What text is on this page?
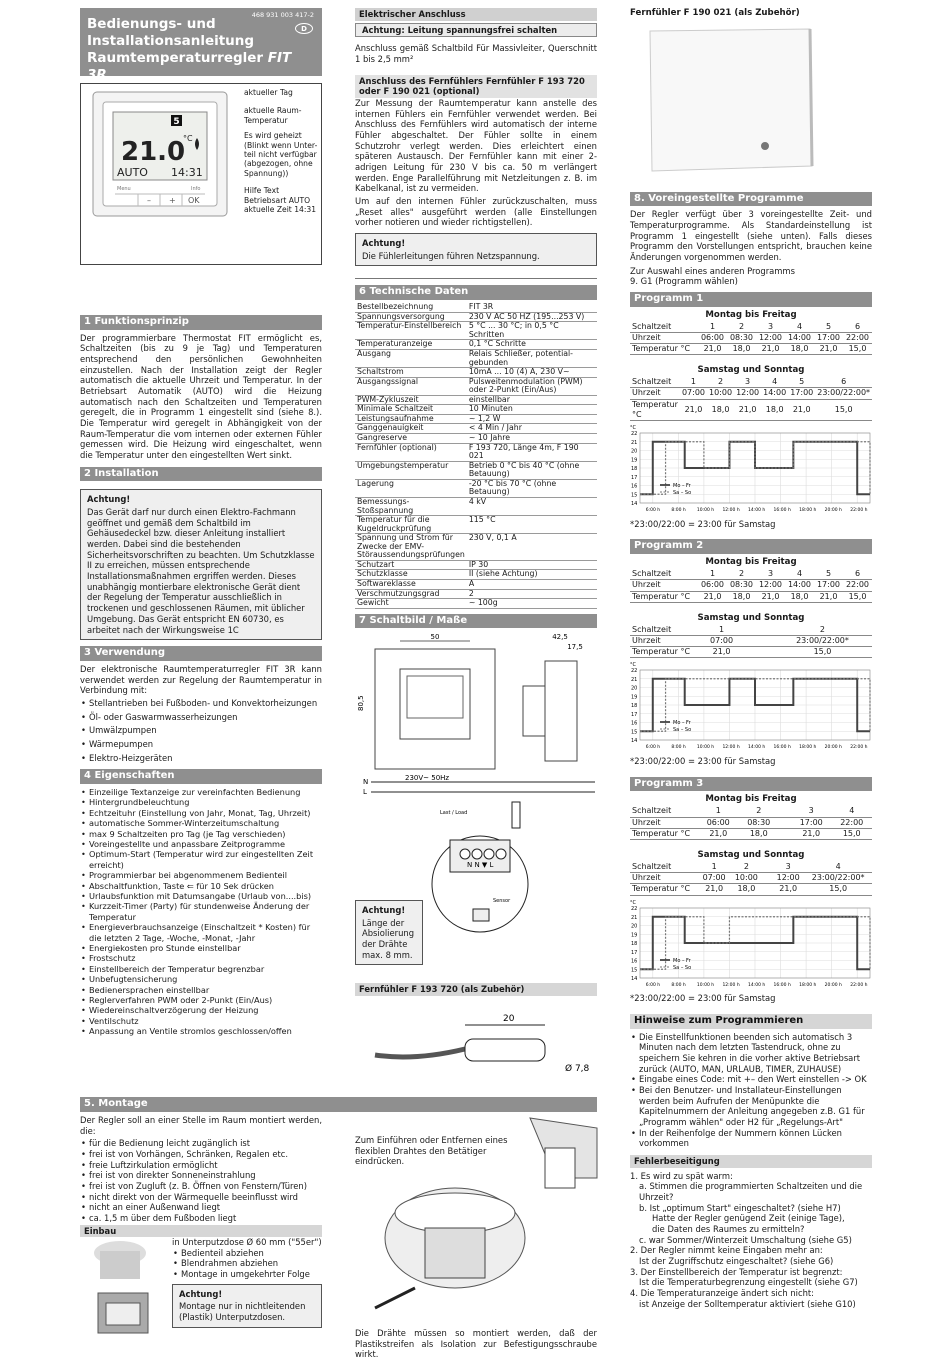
468 931 003 417-2
D
Bedienungs- und Installationsanleitung Raumtemperaturregler FIT 3R
5
21.0
°C
AUTO 14:31
Menu	Info
– + OK
aktueller Tag
aktuelle Raum-Temperatur
Es wird geheizt (Blinkt wenn Unter-teil nicht verfügbar (abgezogen, ohne Spannung))
Hilfe Text Betriebsart AUTO aktuelle Zeit 14:31
1 Funktionsprinzip

Der programmierbare Thermostat FIT ermöglicht es, Schaltzeiten (bis zu 9 je Tag) und Temperaturen entsprechend den persönlichen Gewohnheiten einzustellen. Nach der Installation zeigt der Regler automatisch die aktuelle Uhrzeit und Temperatur. In der Betriebsart Automatik (AUTO) wird die Heizung automatisch nach den Schaltzeiten und Temperaturen geregelt, die in Programm 1 eingestellt sind (siehe 8.). Die Temperatur wird geregelt in Abhängigkeit von der Raum-Temperatur die vom internen oder externen Fühler gemessen wird. Die Heizung wird eingeschaltet, wenn die Temperatur unter den eingestellten Wert sinkt.

2 Installation
Achtung!
Das Gerät darf nur durch einen Elektro-Fachmann geöffnet und gemäß dem Schaltbild im Gehäusedeckel bzw. dieser Anleitung installiert werden. Dabei sind die bestehenden Sicherheitsvorschriften zu beachten. Um Schutzklasse II zu erreichen, müssen entsprechende Installationsmaßnahmen ergriffen werden. Dieses unabhängig montierbare elektronische Gerät dient der Regelung der Temperatur ausschließlich in trockenen und geschlossenen Räumen, mit üblicher Umgebung. Das Gerät entspricht EN 60730, es arbeitet nach der Wirkungsweise 1C
3 Verwendung

Der elektronische Raumtemperaturregler FIT 3R kann verwendet werden zur Regelung der Raumtemperatur in Verbindung mit:

• Stellantrieben bei Fußboden- und Konvektorheizungen
• Öl- oder Gaswarmwasserheizungen
• Umwälzpumpen
• Wärmepumpen
• Elektro-Heizgeräten
4 Eigenschaften
• Einzeilige Textanzeige zur vereinfachten Bedienung
• Hintergrundbeleuchtung
• Echtzeituhr (Einstellung von Jahr, Monat, Tag, Uhrzeit)
• automatische Sommer-Winterzeitumschaltung
• max 9 Schaltzeiten pro Tag (je Tag verschieden)
• Voreingestellte und anpassbare Zeitprogramme
• Optimum-Start (Temperatur wird zur eingestellten Zeit erreicht)
• Programmierbar bei abgenommenem Bedienteil
• Abschaltfunktion, Taste ⇐ für 10 Sek drücken
• Urlaubsfunktion mit Datumsangabe (Urlaub von....bis)
• Kurzzeit-Timer (Party) für stundenweise Änderung der Temperatur
• Energieverbrauchsanzeige (Einschaltzeit * Kosten) für die letzten 2 Tage, -Woche, -Monat, -Jahr
• Energiekosten pro Stunde einstellbar
• Frostschutz
• Einstellbereich der Temperatur begrenzbar
• Unbefugtensicherung
• Bedienersprachen einstellbar
• Reglerverfahren PWM oder 2-Punkt (Ein/Aus)
• Wiedereinschaltverzögerung der Heizung
• Ventilschutz
• Anpassung an Ventile stromlos geschlossen/offen
5. Montage

Der Regler soll an einer Stelle im Raum montiert werden, die:

• für die Bedienung leicht zugänglich ist
• frei ist von Vorhängen, Schränken, Regalen etc.
• freie Luftzirkulation ermöglicht
• frei ist von direkter Sonneneinstrahlung
• frei ist von Zugluft (z. B. Öffnen von Fenstern/Türen)
• nicht direkt von der Wärmequelle beeinflusst wird
• nicht an einer Außenwand liegt
• ca. 1,5 m über dem Fußboden liegt
Einbau
in Unterputzdose Ø 60 mm ("55er")
• Bedienteil abziehen
• Blendrahmen abziehen
• Montage in umgekehrter Folge
Achtung!
Montage nur in nichtleitenden (Plastik) Unterputzdosen.
Zum Einführen oder Entfernen eines flexiblen Drahtes den Betätiger eindrücken.

Die Drähte müssen so montiert werden, daß der Plastikstreifen als Isolation zur Befestigungsschraube wirkt.

Elektrischer Anschluss
Achtung: Leitung spannungsfrei schalten

Anschluss gemäß Schaltbild Für Massivleiter, Querschnitt 1 bis 2,5 mm²

Anschluss des Fernfühlers Fernfühler F 193 720 oder F 190 021 (optional)

Zur Messung der Raumtemperatur kann anstelle des internen Fühlers ein Fernfühler verwendet werden. Bei Anschluss des Fernfühlers wird automatisch der interne Fühler abgeschaltet. Der Fühler sollte in einem Schutzrohr verlegt werden. Dies erleichtert einen späteren Austausch. Der Fernfühler kann mit einer 2-adrigen Leitung für 230 V bis ca. 50 m verlängert werden. Enge Parallelführung mit Netzleitungen z. B. im Kabelkanal, ist zu vermeiden.

Um auf den internen Fühler zurückzuschalten, muss „Reset alles" ausgeführt werden (alle Einstellungen vorher notieren und wieder richtigstellen).

Achtung!
Die Fühlerleitungen führen Netzspannung.
6 Technische Daten
Bestellbezeichnung	FIT 3R
Spannungsversorgung	230 V AC 50 HZ (195...253 V)
Temperatur-Einstellbereich	5 °C ... 30 °C; in 0,5 °C Schritten
Temperaturanzeige	0,1 °C Schritte
Ausgang	Relais Schließer, potential-gebunden
Schaltstrom	10mA ... 10 (4) A, 230 V~
Ausgangssignal	Pulsweitenmodulation (PWM) oder 2-Punkt (Ein/Aus)
PWM-Zykluszeit	einstellbar
Minimale Schaltzeit	10 Minuten
Leistungsaufnahme	~ 1,2 W
Ganggenauigkeit	< 4 Min / Jahr
Gangreserve	~ 10 Jahre
Fernfühler (optional)	F 193 720, Länge 4m, F 190 021
Umgebungstemperatur	Betrieb 0 °C bis 40 °C (ohne Betauung)
Lagerung	-20 °C bis 70 °C (ohne Betauung)
Bemessungs-Stoßspannung	4 kV
Temperatur für die Kugeldruckprüfung	115 °C
Spannung und Strom für Zwecke der EMV-Störaussendungsprüfungen	230 V, 0,1 A
Schutzart	IP 30
Schutzklasse	II (siehe Achtung)
Softwareklasse	A
Verschmutzungsgrad	2
Gewicht	~ 100g
7 Schaltbild / Maße
50	42,5
17,5
80,5

N
L
230V~ 50Hz
Last / Load
N N ▼ L
Sensor
Achtung!
Länge der Absiolierung der Drähte max. 8 mm.
Fernfühler F 193 720 (als Zubehör)
20
Ø 7,8
Fernfühler F 190 021 (als Zubehör)
8. Voreingestellte Programme

Der Regler verfügt über 3 voreingestellte Zeit- und Temperaturprogramme. Als Standardeinstellung ist Programm 1 eingestellt (siehe unten). Falls dieses Programm den Vorstellungen entspricht, brauchen keine Änderungen vorgenommen werden.

Zur Auswahl eines anderen Programms

9. G1 (Programm wählen)

Programm 1
Montag bis Freitag
Schaltzeit	1	2	3	4	5	6
Uhrzeit	06:00	08:30	12:00	14:00	17:00	22:00
Temperatur °C	21,0	18,0	21,0	18,0	21,0	15,0
Samstag und Sonntag
Schaltzeit	1	2	3	4	5	6
Uhrzeit	07:00	10:00	12:00	14:00	17:00	23:00/22:00*
Temperatur °C	21,0	18,0	21,0	18,0	21,0	15,0
°C
22
21
20
19
18
17
16
15
14
6:00 h 8:00 h 10:00 h 12:00 h 14:00 h 16:00 h 18:00 h 20:00 h 22:00 h
Mo – Fr
Sa – So
*23:00/22:00 = 23:00 für Samstag
Programm 2
Montag bis Freitag
Schaltzeit	1	2	3	4	5	6
Uhrzeit	06:00	08:30	12:00	14:00	17:00	22:00
Temperatur °C	21,0	18,0	21,0	18,0	21,0	15,0
Samstag und Sonntag
Schaltzeit	1					2
Uhrzeit	07:00					23:00/22:00*
Temperatur °C	21,0					15,0
°C
22
21
20
19
18
17
16
15
14
6:00 h 8:00 h 10:00 h 12:00 h 14:00 h 16:00 h 18:00 h 20:00 h 22:00 h
Mo – Fr
Sa – So
*23:00/22:00 = 23:00 für Samstag
Programm 3
Montag bis Freitag
Schaltzeit	1	2			3	4
Uhrzeit	06:00	08:30			17:00	22:00
Temperatur °C	21,0	18,0			21,0	15,0
Samstag und Sonntag
Schaltzeit	1	2			3	4
Uhrzeit	07:00	10:00			12:00	23:00/22:00*
Temperatur °C	21,0	18,0			21,0	15,0
°C
22
21
20
19
18
17
16
15
14
6:00 h 8:00 h 10:00 h 12:00 h 14:00 h 16:00 h 18:00 h 20:00 h 22:00 h
Mo – Fr
Sa – So
*23:00/22:00 = 23:00 für Samstag
Hinweise zum Programmieren
• Die Einstellfunktionen beenden sich automatisch 3 Minuten nach dem letzten Tastendruck, ohne zu speichern Sie kehren in die vorher aktive Betriebsart zurück (AUTO, MAN, URLAUB, TIMER, ZUHAUSE)
• Eingabe eines Code: mit +– den Wert einstellen -> OK
• Bei den Benutzer- und Installateur-Einstellungen werden beim Aufrufen der Menüpunkte die Kapitelnummern der Anleitung angegeben z.B. G1 für „Programm wählen" oder H2 für „Regelungs-Art"
• In der Reihenfolge der Nummern können Lücken vorkommen
Fehlerbeseitigung
1. Es wird zu spät warm:
a. Stimmen die programmierten Schaltzeiten und die Uhrzeit?
b. Ist „optimum Start" eingeschaltet? (siehe H7)
Hatte der Regler genügend Zeit (einige Tage),
die Daten des Raumes zu ermitteln?
c. war Sommer/Winterzeit Umschaltung (siehe G5)
2. Der Regler nimmt keine Eingaben mehr an:
Ist der Zugriffschutz eingeschaltet? (siehe G6)
3. Der Einstellbereich der Temperatur ist begrenzt:
Ist die Temperaturbegrenzung eingestellt (siehe G7)
4. Die Temperaturanzeige ändert sich nicht:
ist Anzeige der Solltemperatur aktiviert (siehe G10)
